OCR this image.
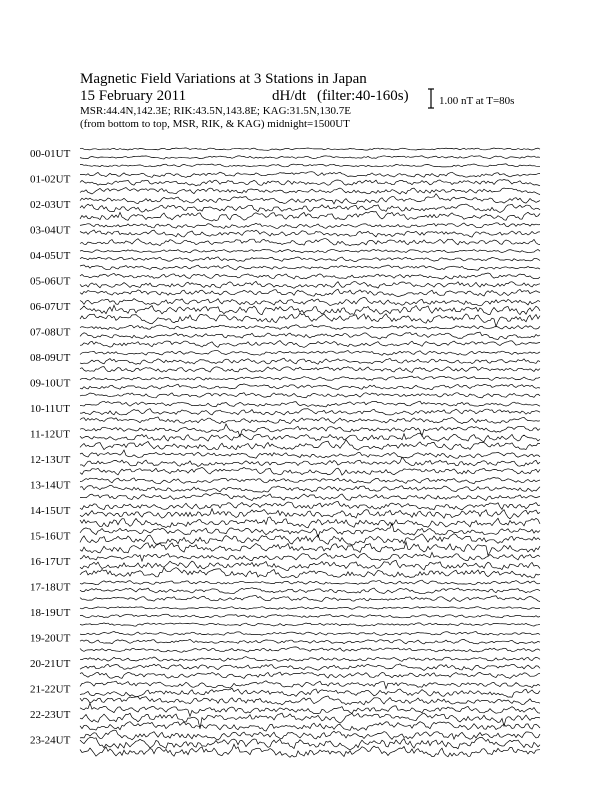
Magnetic Field Variations at 3 Stations in Japan
15 February 2011	dH/dt (filter:40-160s)
MSR:44.4N,142.3E; RIK:43.5N,143.8E; KAG:31.5N,130.7E
(from bottom to top, MSR, RIK, & KAG) midnight=1500UT
1.00 nT at T=80s
00-01UT
01-02UT
02-03UT
03-04UT
04-05UT
05-06UT
06-07UT
07-08UT
08-09UT
09-10UT
10-11UT
11-12UT
12-13UT
13-14UT
14-15UT
15-16UT
16-17UT
17-18UT
18-19UT
19-20UT
20-21UT
21-22UT
22-23UT
23-24UT
